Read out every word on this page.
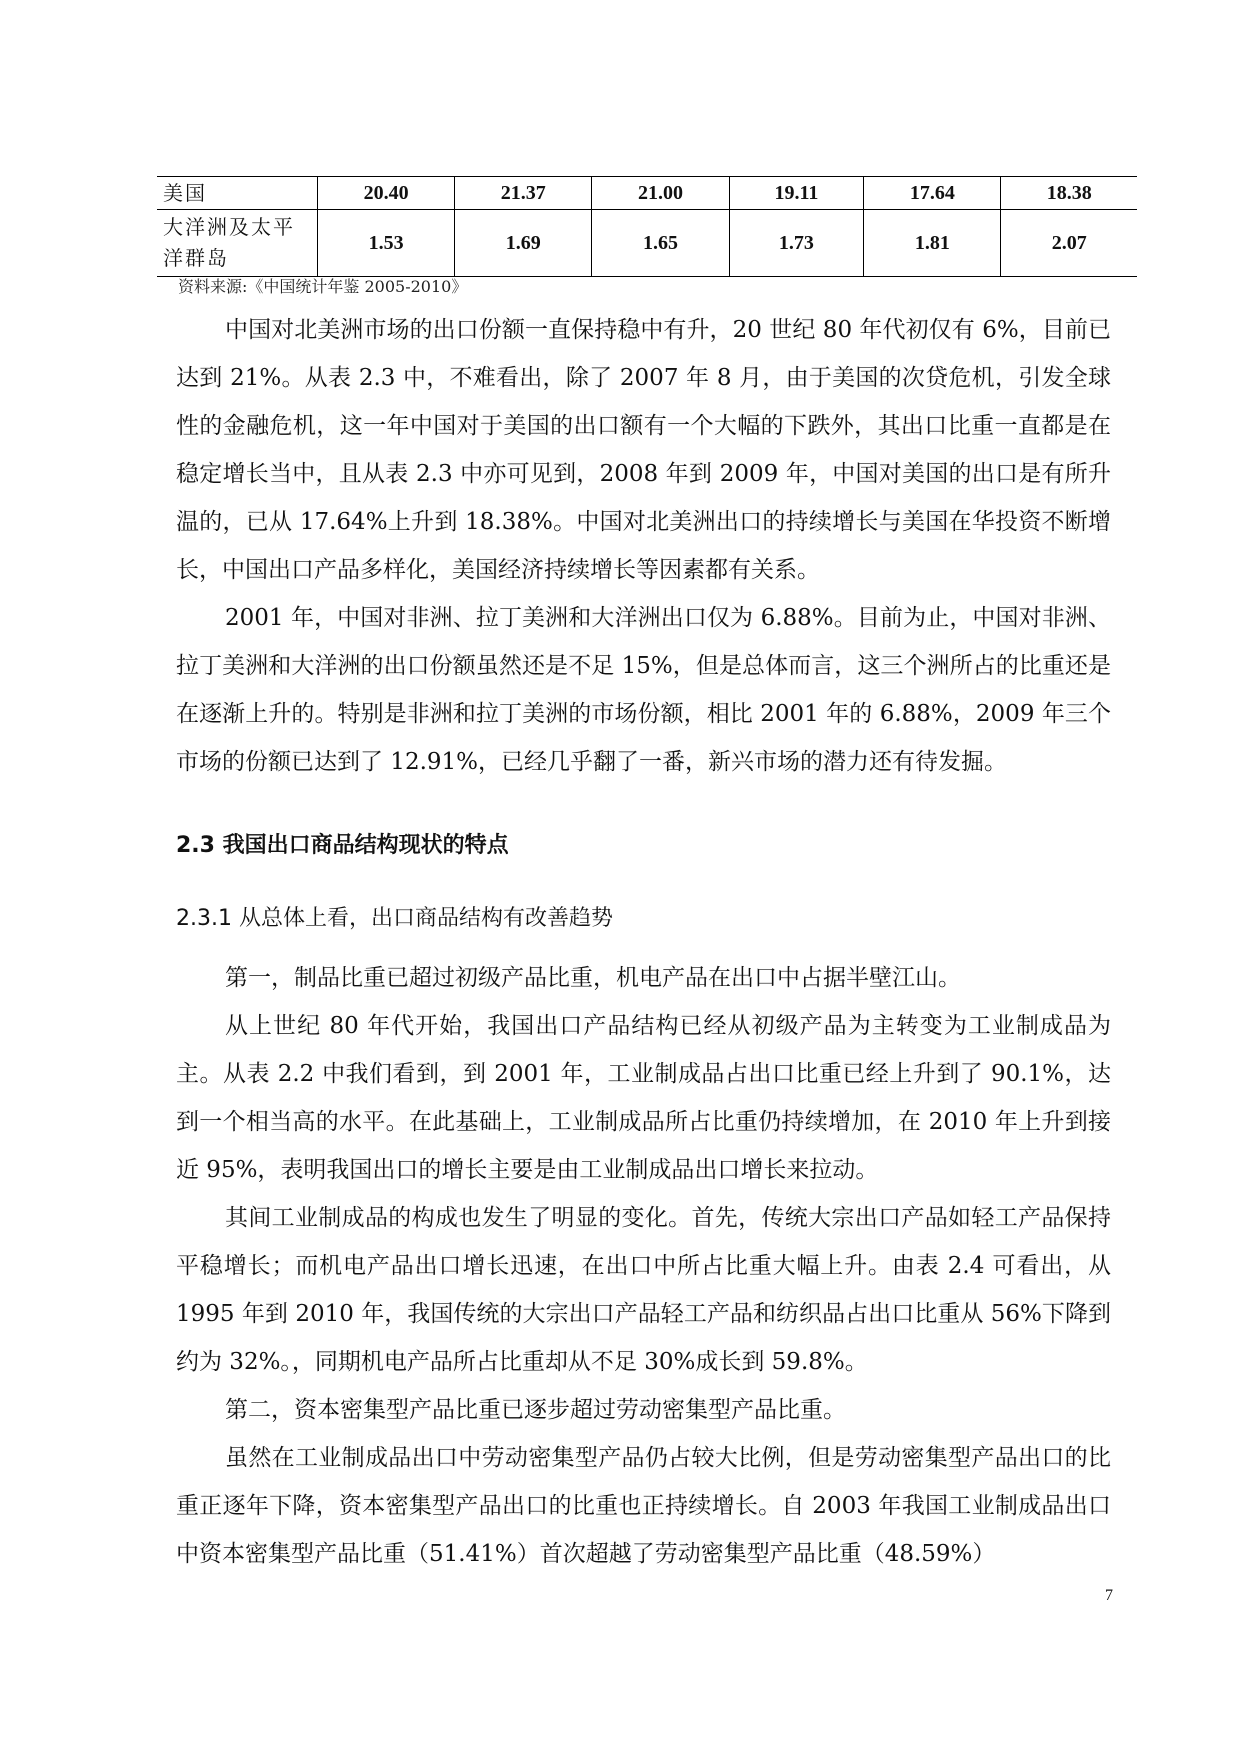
美国	20.40	21.37	21.00	19.11	17.64	18.38
大洋洲及太平洋群岛	1.53	1.69	1.65	1.73	1.81	2.07
资料来源:《中国统计年鉴 2005-2010》

中国对北美洲市场的出口份额一直保持稳中有升，20 世纪 80 年代初仅有 6%，目前已达到 21%。从表 2.3 中，不难看出，除了 2007 年 8 月，由于美国的次贷危机，引发全球性的金融危机，这一年中国对于美国的出口额有一个大幅的下跌外，其出口比重一直都是在稳定增长当中，且从表 2.3 中亦可见到，2008 年到 2009 年，中国对美国的出口是有所升温的，已从 17.64%上升到 18.38%。中国对北美洲出口的持续增长与美国在华投资不断增长，中国出口产品多样化，美国经济持续增长等因素都有关系。

2001 年，中国对非洲、拉丁美洲和大洋洲出口仅为 6.88%。目前为止，中国对非洲、拉丁美洲和大洋洲的出口份额虽然还是不足 15%，但是总体而言，这三个洲所占的比重还是在逐渐上升的。特别是非洲和拉丁美洲的市场份额，相比 2001 年的 6.88%，2009 年三个市场的份额已达到了 12.91%，已经几乎翻了一番，新兴市场的潜力还有待发掘。

2.3 我国出口商品结构现状的特点
2.3.1 从总体上看，出口商品结构有改善趋势

第一，制品比重已超过初级产品比重，机电产品在出口中占据半壁江山。

从上世纪 80 年代开始，我国出口产品结构已经从初级产品为主转变为工业制成品为主。从表 2.2 中我们看到，到 2001 年，工业制成品占出口比重已经上升到了 90.1%，达到一个相当高的水平。在此基础上，工业制成品所占比重仍持续增加，在 2010 年上升到接近 95%，表明我国出口的增长主要是由工业制成品出口增长来拉动。

其间工业制成品的构成也发生了明显的变化。首先，传统大宗出口产品如轻工产品保持平稳增长；而机电产品出口增长迅速，在出口中所占比重大幅上升。由表 2.4 可看出，从 1995 年到 2010 年，我国传统的大宗出口产品轻工产品和纺织品占出口比重从 56%下降到约为 32%。，同期机电产品所占比重却从不足 30%成长到 59.8%。

第二，资本密集型产品比重已逐步超过劳动密集型产品比重。

虽然在工业制成品出口中劳动密集型产品仍占较大比例，但是劳动密集型产品出口的比重正逐年下降，资本密集型产品出口的比重也正持续增长。自 2003 年我国工业制成品出口中资本密集型产品比重（51.41%）首次超越了劳动密集型产品比重（48.59%）

7
